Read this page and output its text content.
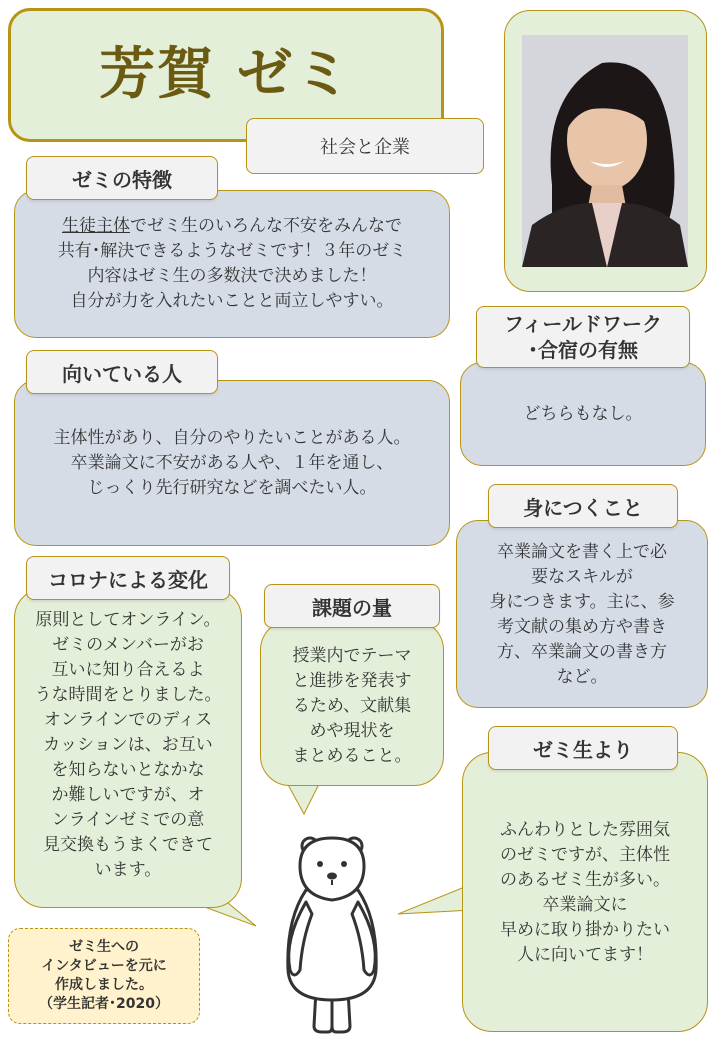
芳賀 ゼミ
社会と企業
ゼミの特徴
生徒主体でゼミ生のいろんな不安をみんなで
共有･解決できるようなゼミです！３年のゼミ
内容はゼミ生の多数決で決めました！
自分が力を入れたいことと両立しやすい。
向いている人
主体性があり、自分のやりたいことがある人。
卒業論文に不安がある人や、１年を通し、
じっくり先行研究などを調べたい人。
フィールドワーク
･合宿の有無
どちらもなし。
身につくこと
卒業論文を書く上で必
要なスキルが
身につきます。主に、参
考文献の集め方や書き
方、卒業論文の書き方
など。
コロナによる変化
原則としてオンライン。
ゼミのメンバーがお
互いに知り合えるよ
うな時間をとりました。
オンラインでのディス
カッションは、お互い
を知らないとなかな
か難しいですが、オ
ンラインゼミでの意
見交換もうまくできて
います。
課題の量
授業内でテーマ
と進捗を発表す
るため、文献集
めや現状を
まとめること。	ゼミ生より
ふんわりとした雰囲気
のゼミですが、主体性
のあるゼミ生が多い。
卒業論文に
早めに取り掛かりたい
人に向いてます！
ゼミ生への
インタビューを元に
作成しました。
（学生記者･2020）
